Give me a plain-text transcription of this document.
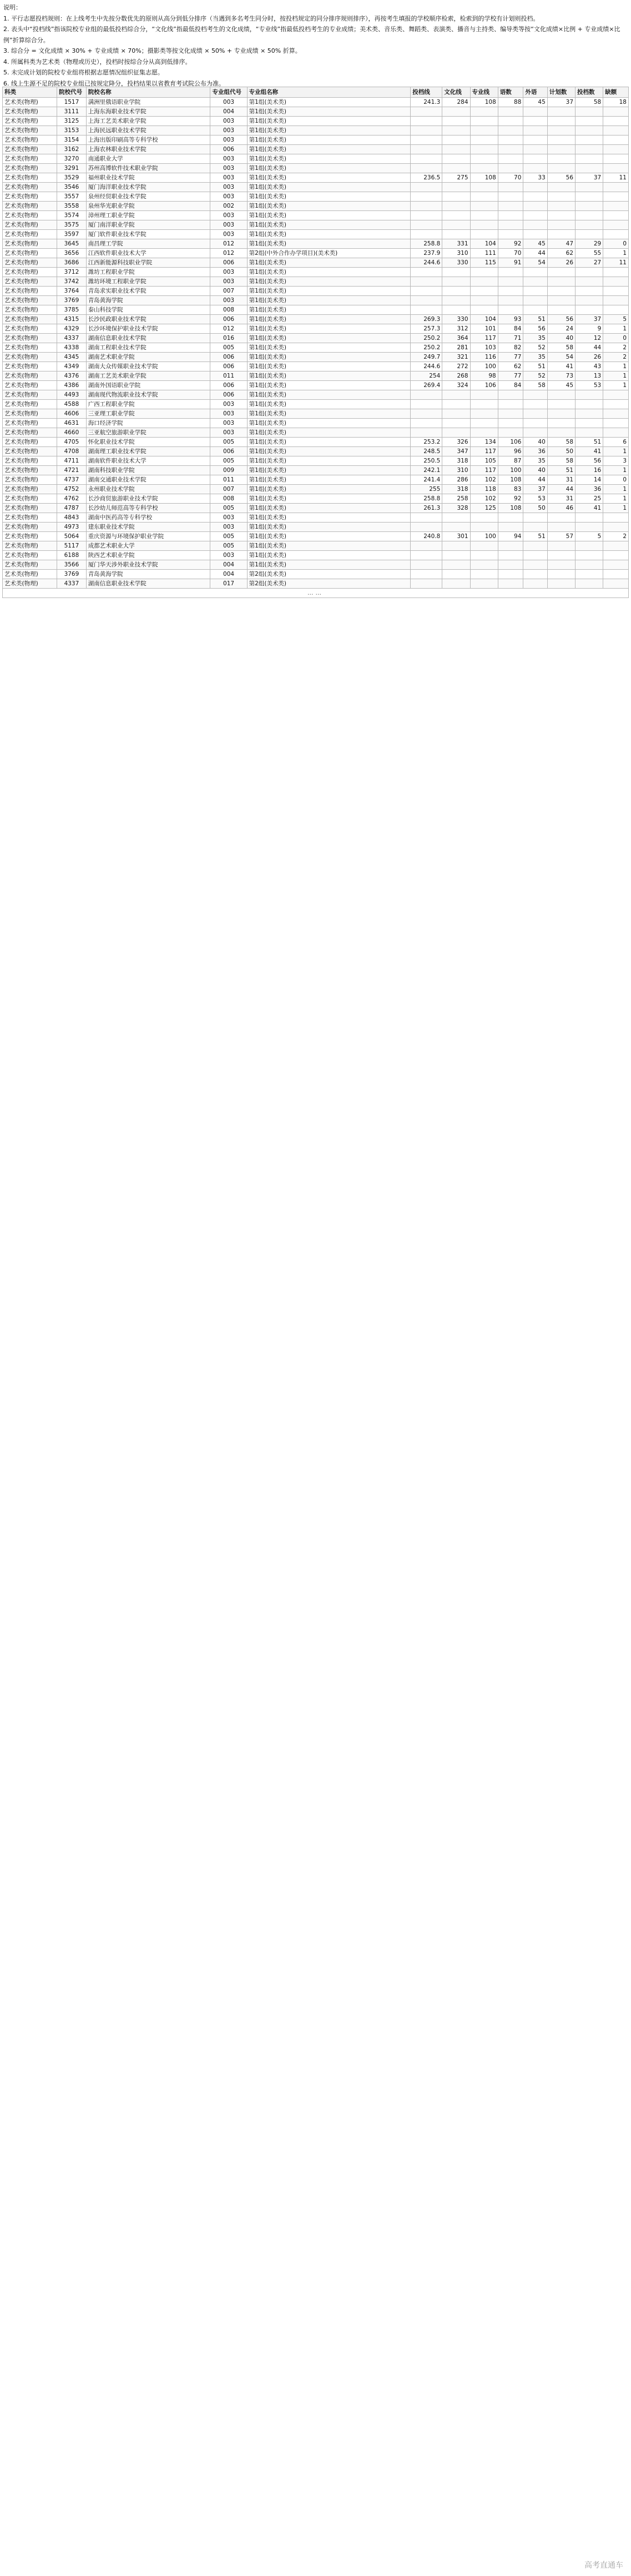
说明：

1. 平行志愿投档规则：在上线考生中先按分数优先的原则从高分到低分排序（当遇到多名考生同分时，按投档规定的同分排序规则排序），再按考生填报的学校顺序检索，检索到的学校有计划则投档。

2. 表头中“投档线”指该院校专业组的最低投档综合分，“文化线”指最低投档考生的文化成绩，“专业线”指最低投档考生的专业成绩；美术类、音乐类、舞蹈类、表演类、播音与主持类、编导类等按“文化成绩×比例 + 专业成绩×比例”折算综合分。

3. 综合分 = 文化成绩 × 30% + 专业成绩 × 70%；摄影类等按文化成绩 × 50% + 专业成绩 × 50% 折算。

4. 所属科类为艺术类（物理或历史），投档时按综合分从高到低排序。

5. 未完成计划的院校专业组将根据志愿情况组织征集志愿。

6. 线上生源不足的院校专业组已按规定降分，投档结果以省教育考试院公布为准。

科类	院校代号	院校名称	专业组代号	专业组名称	投档线	文化线	专业线	语数	外语	计划数	投档数	缺额
艺术类(物理)	1517	满洲里俄语职业学院	003	第1组(美术类)	241.3	284	108	88	45	37	58	18
艺术类(物理)	3111	上海东海职业技术学院	004	第1组(美术类)								
艺术类(物理)	3125	上海工艺美术职业学院	003	第1组(美术类)								
艺术类(物理)	3153	上海民远职业技术学院	003	第1组(美术类)								
艺术类(物理)	3154	上海出版印刷高等专科学校	003	第1组(美术类)								
艺术类(物理)	3162	上海农林职业技术学院	006	第1组(美术类)								
艺术类(物理)	3270	南通职业大学	003	第1组(美术类)								
艺术类(物理)	3291	苏州高博软件技术职业学院	003	第1组(美术类)								
艺术类(物理)	3529	福州职业技术学院	003	第1组(美术类)	236.5	275	108	70	33	56	37	11
艺术类(物理)	3546	厦门海洋职业技术学院	003	第1组(美术类)								
艺术类(物理)	3557	泉州经贸职业技术学院	003	第1组(美术类)								
艺术类(物理)	3558	泉州华光职业学院	002	第1组(美术类)								
艺术类(物理)	3574	漳州理工职业学院	003	第1组(美术类)								
艺术类(物理)	3575	厦门南洋职业学院	003	第1组(美术类)								
艺术类(物理)	3597	厦门软件职业技术学院	003	第1组(美术类)								
艺术类(物理)	3645	南昌理工学院	012	第1组(美术类)	258.8	331	104	92	45	47	29	0
艺术类(物理)	3656	江西软件职业技术大学	012	第2组(中外合作办学项目)(美术类)	237.9	310	111	70	44	62	55	1
艺术类(物理)	3686	江西新能源科技职业学院	006	第1组(美术类)	244.6	330	115	91	54	26	27	11
艺术类(物理)	3712	潍坊工程职业学院	003	第1组(美术类)								
艺术类(物理)	3742	潍坊环境工程职业学院	003	第1组(美术类)								
艺术类(物理)	3764	青岛求实职业技术学院	007	第1组(美术类)								
艺术类(物理)	3769	青岛黄海学院	003	第1组(美术类)								
艺术类(物理)	3785	泰山科技学院	008	第1组(美术类)								
艺术类(物理)	4315	长沙民政职业技术学院	006	第1组(美术类)	269.3	330	104	93	51	56	37	5
艺术类(物理)	4329	长沙环境保护职业技术学院	012	第1组(美术类)	257.3	312	101	84	56	24	9	1
艺术类(物理)	4337	湖南信息职业技术学院	016	第1组(美术类)	250.2	364	117	71	35	40	12	0
艺术类(物理)	4338	湖南工程职业技术学院	005	第1组(美术类)	250.2	281	103	82	52	58	44	2
艺术类(物理)	4345	湖南艺术职业学院	006	第1组(美术类)	249.7	321	116	77	35	54	26	2
艺术类(物理)	4349	湖南大众传媒职业技术学院	006	第1组(美术类)	244.6	272	100	62	51	41	43	1
艺术类(物理)	4376	湖南工艺美术职业学院	011	第1组(美术类)	254	268	98	77	52	73	13	1
艺术类(物理)	4386	湖南外国语职业学院	006	第1组(美术类)	269.4	324	106	84	58	45	53	1
艺术类(物理)	4493	湖南现代物流职业技术学院	006	第1组(美术类)								
艺术类(物理)	4588	广西工程职业学院	003	第1组(美术类)								
艺术类(物理)	4606	三亚理工职业学院	003	第1组(美术类)								
艺术类(物理)	4631	海口经济学院	003	第1组(美术类)								
艺术类(物理)	4660	三亚航空旅游职业学院	003	第1组(美术类)								
艺术类(物理)	4705	怀化职业技术学院	005	第1组(美术类)	253.2	326	134	106	40	58	51	6
艺术类(物理)	4708	湖南理工职业技术学院	006	第1组(美术类)	248.5	347	117	96	36	50	41	1
艺术类(物理)	4711	湖南软件职业技术大学	005	第1组(美术类)	250.5	318	105	87	35	58	56	3
艺术类(物理)	4721	湖南科技职业学院	009	第1组(美术类)	242.1	310	117	100	40	51	16	1
艺术类(物理)	4737	湖南交通职业技术学院	011	第1组(美术类)	241.4	286	102	108	44	31	14	0
艺术类(物理)	4752	永州职业技术学院	007	第1组(美术类)	255	318	118	83	37	44	36	1
艺术类(物理)	4762	长沙商贸旅游职业技术学院	008	第1组(美术类)	258.8	258	102	92	53	31	25	1
艺术类(物理)	4787	长沙幼儿师范高等专科学校	005	第1组(美术类)	261.3	328	125	108	50	46	41	1
艺术类(物理)	4843	湖南中医药高等专科学校	003	第1组(美术类)								
艺术类(物理)	4973	建东职业技术学院	003	第1组(美术类)								
艺术类(物理)	5064	重庆资源与环境保护职业学院	005	第1组(美术类)	240.8	301	100	94	51	57	5	2
艺术类(物理)	5117	成都艺术职业大学	005	第1组(美术类)								
艺术类(物理)	6188	陕西艺术职业学院	003	第1组(美术类)								
艺术类(物理)	3566	厦门华天涉外职业技术学院	004	第1组(美术类)								
艺术类(物理)	3769	青岛黄海学院	004	第2组(美术类)								
艺术类(物理)	4337	湖南信息职业技术学院	017	第2组(美术类)								
……												
高考直通车
